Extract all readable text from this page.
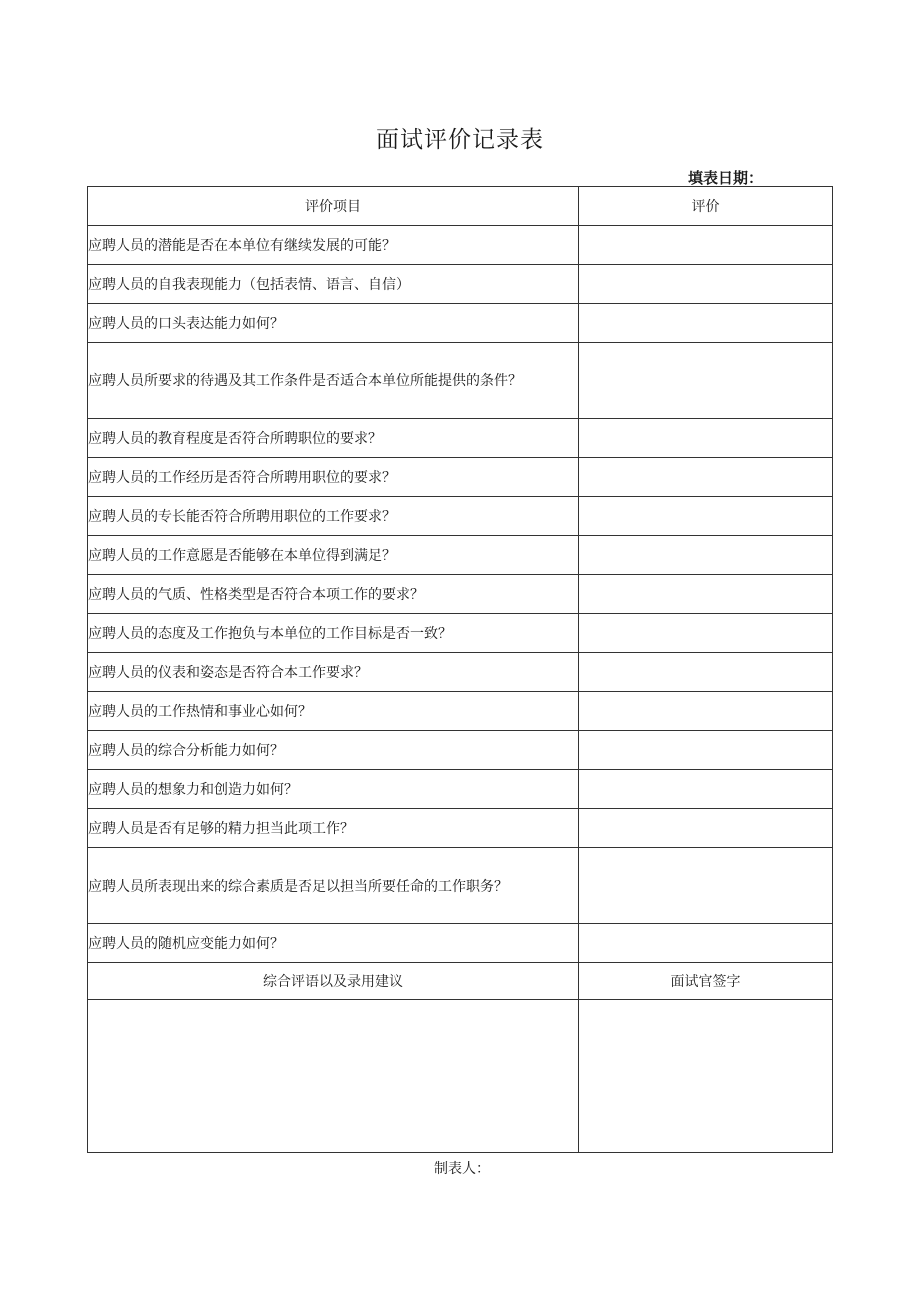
面试评价记录表
填表日期：
评价项目	评价
应聘人员的潜能是否在本单位有继续发展的可能？	
应聘人员的自我表现能力（包括表情、语言、自信）	
应聘人员的口头表达能力如何？	
应聘人员所要求的待遇及其工作条件是否适合本单位所能提供的条件？	
应聘人员的教育程度是否符合所聘职位的要求？	
应聘人员的工作经历是否符合所聘用职位的要求？	
应聘人员的专长能否符合所聘用职位的工作要求？	
应聘人员的工作意愿是否能够在本单位得到满足？	
应聘人员的气质、性格类型是否符合本项工作的要求？	
应聘人员的态度及工作抱负与本单位的工作目标是否一致？	
应聘人员的仪表和姿态是否符合本工作要求？	
应聘人员的工作热情和事业心如何？	
应聘人员的综合分析能力如何？	
应聘人员的想象力和创造力如何？	
应聘人员是否有足够的精力担当此项工作？	
应聘人员所表现出来的综合素质是否足以担当所要任命的工作职务？	
应聘人员的随机应变能力如何？	
综合评语以及录用建议	面试官签字

制表人：
